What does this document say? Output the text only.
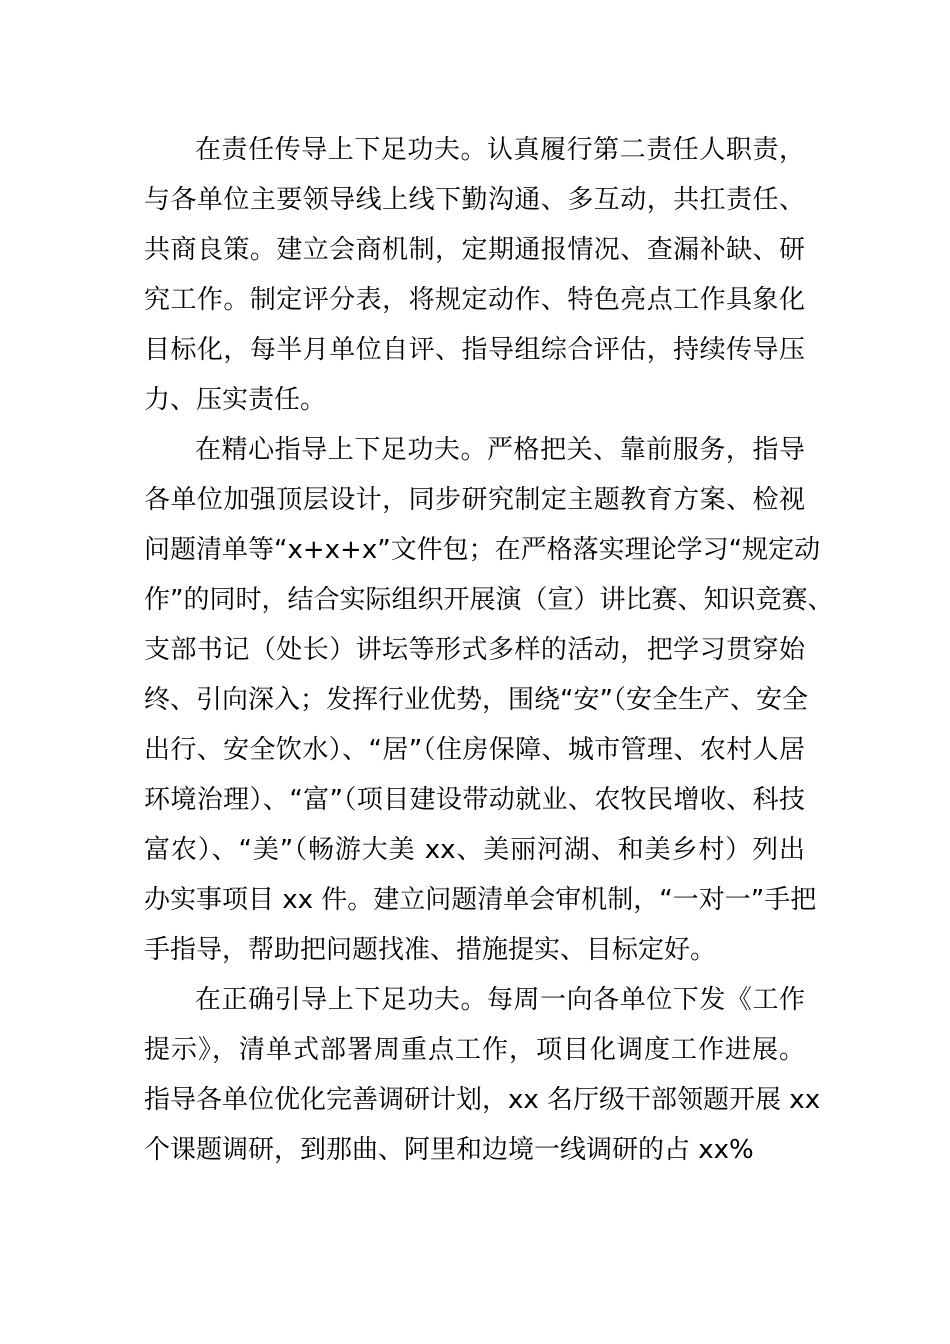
在责任传导上下足功夫。认真履行第二责任人职责，
与各单位主要领导线上线下勤沟通、多互动，共扛责任、
共商良策。建立会商机制，定期通报情况、查漏补缺、研
究工作。制定评分表，将规定动作、特色亮点工作具象化
目标化，每半月单位自评、指导组综合评估，持续传导压
力、压实责任。
在精心指导上下足功夫。严格把关、靠前服务，指导
各单位加强顶层设计，同步研究制定主题教育方案、检视
问题清单等“x+x+x”文件包；在严格落实理论学习“规定动
作”的同时，结合实际组织开展演（宣）讲比赛、知识竞赛、
支部书记（处长）讲坛等形式多样的活动，把学习贯穿始
终、引向深入；发挥行业优势，围绕“安”（安全生产、安全
出行、安全饮水）、“居”（住房保障、城市管理、农村人居
环境治理）、“富”（项目建设带动就业、农牧民增收、科技
富农）、“美”（畅游大美 xx、美丽河湖、和美乡村）列出
办实事项目 xx 件。建立问题清单会审机制，“一对一”手把
手指导，帮助把问题找准、措施提实、目标定好。
在正确引导上下足功夫。每周一向各单位下发《工作
提示》，清单式部署周重点工作，项目化调度工作进展。
指导各单位优化完善调研计划，xx 名厅级干部领题开展 xx
个课题调研，到那曲、阿里和边境一线调研的占 xx%
